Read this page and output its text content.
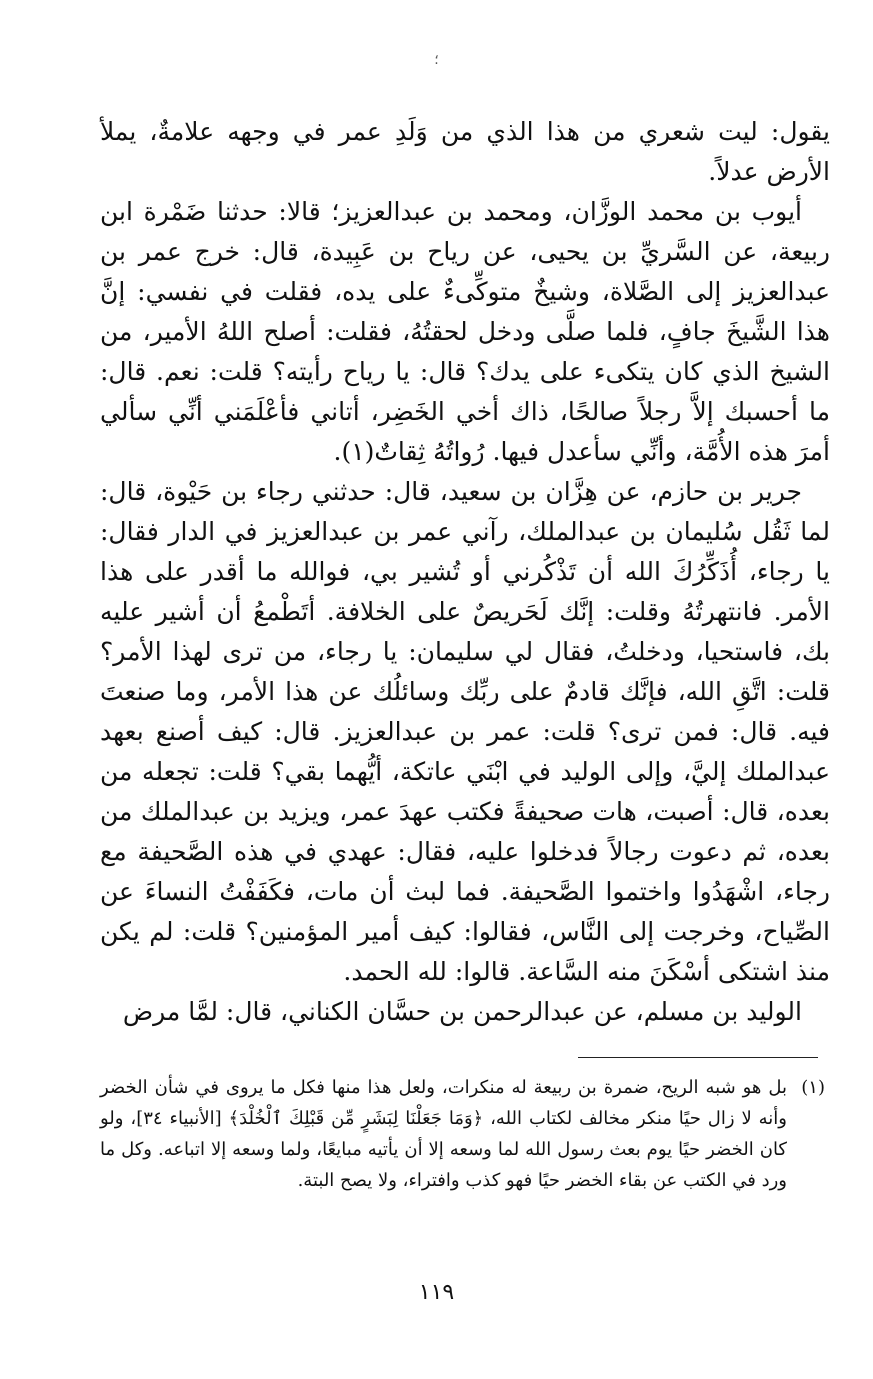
؛

يقول: ليت شعري من هذا الذي من وَلَدِ عمر في وجهه علامةٌ، يملأ الأرض عدلاً.

أيوب بن محمد الوزَّان، ومحمد بن عبدالعزيز؛ قالا: حدثنا ضَمْرة ابن ربيعة، عن السَّريِّ بن يحيى، عن رياح بن عَبِيدة، قال: خرج عمر بن عبدالعزيز إلى الصَّلاة، وشيخٌ متوكِّىءٌ على يده، فقلت في نفسي: إنَّ هذا الشَّيخَ جافٍ، فلما صلَّى ودخل لحقتُهُ، فقلت: أصلح اللهُ الأمير، من الشيخ الذي كان يتكىء على يدك؟ قال: يا رياح رأيته؟ قلت: نعم. قال: ما أحسبك إلاَّ رجلاً صالحًا، ذاك أخي الخَضِر، أتاني فأعْلَمَني أنِّي سألي أمرَ هذه الأُمَّة، وأنِّي سأعدل فيها. رُواتُهُ ثِقاتٌ(١).

جرير بن حازم، عن هِزَّان بن سعيد، قال: حدثني رجاء بن حَيْوة، قال: لما ثَقُل سُليمان بن عبدالملك، رآني عمر بن عبدالعزيز في الدار فقال: يا رجاء، أُذَكِّرُكَ الله أن تَذْكُرني أو تُشير بي، فوالله ما أقدر على هذا الأمر. فانتهرتُهُ وقلت: إنَّك لَحَريصٌ على الخلافة. أتَطْمعُ أن أشير عليه بك، فاستحيا، ودخلتُ، فقال لي سليمان: يا رجاء، من ترى لهذا الأمر؟ قلت: اتَّقِ الله، فإنَّك قادمٌ على ربِّك وسائلُك عن هذا الأمر، وما صنعتَ فيه. قال: فمن ترى؟ قلت: عمر بن عبدالعزيز. قال: كيف أصنع بعهد عبدالملك إليَّ، وإلى الوليد في ابْنَي عاتكة، أيُّهما بقي؟ قلت: تجعله من بعده، قال: أصبت، هات صحيفةً فكتب عهدَ عمر، ويزيد بن عبدالملك من بعده، ثم دعوت رجالاً فدخلوا عليه، فقال: عهدي في هذه الصَّحيفة مع رجاء، اشْهَدُوا واختموا الصَّحيفة. فما لبث أن مات، فكَفَفْتُ النساءَ عن الصِّياح، وخرجت إلى النَّاس، فقالوا: كيف أمير المؤمنين؟ قلت: لم يكن منذ اشتكى أسْكَنَ منه السَّاعة. قالوا: لله الحمد.

الوليد بن مسلم، عن عبدالرحمن بن حسَّان الكناني، قال: لمَّا مرض

(١)
بل هو شبه الريح، ضمرة بن ربيعة له منكرات، ولعل هذا منها فكل ما يروى في شأن الخضر وأنه لا زال حيًا منكر مخالف لكتاب الله، ﴿وَمَا جَعَلْنَا لِبَشَرٍ مِّن قَبْلِكَ ٱلْخُلْدَ﴾ [الأنبياء ٣٤]، ولو كان الخضر حيًا يوم بعث رسول الله لما وسعه إلا أن يأتيه مبايعًا، ولما وسعه إلا اتباعه. وكل ما ورد في الكتب عن بقاء الخضر حيًا فهو كذب وافتراء، ولا يصح البتة.
١١٩
